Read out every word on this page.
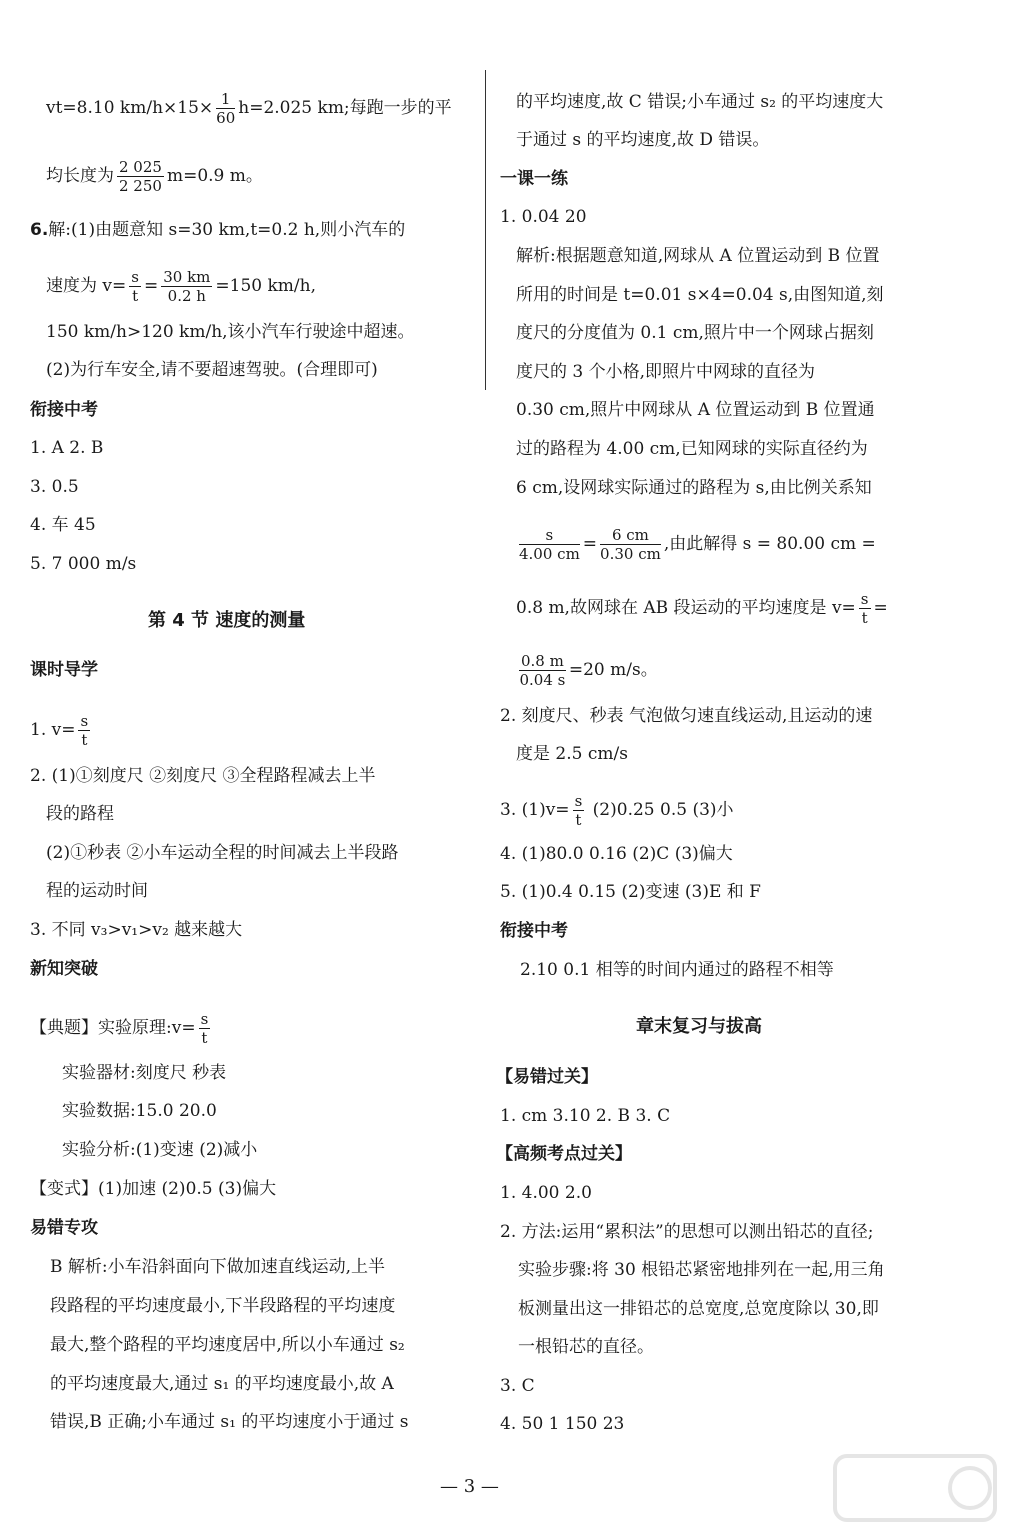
vt=8.10 $km/h\times 15\times \frac{1}{60} h=2.025$ km;每跑一步的平
均长度为 $\frac{2 025}{2 250} m=0.9$ m。
6.解:(1)由题意知 s=30 km,t=0.2 h,则小汽车的
速度为 $v= \frac{s}{t} = \frac{30 km}{0.2 h} =150$ km/h,
150 km/h>120 km/h,该小汽车行驶途中超速。
(2)为行车安全,请不要超速驾驶。(合理即可)
衔接中考
1. A 2. B
3. 0.5
4. 车 45
5. 7 000 m/s
第 4 节 速度的测量
课时导学
1. $v= \frac{s}{t}$
2. (1)①刻度尺 ②刻度尺 ③全程路程减去上半
段的路程
(2)①秒表 ②小车运动全程的时间减去上半段路
程的运动时间
3. 不同 v₃>v₁>v₂ 越来越大
新知突破
【典题】实验原理:v= $\frac{s}{t}$
实验器材:刻度尺 秒表
实验数据:15.0 20.0
实验分析:(1)变速 (2)减小
【变式】(1)加速 (2)0.5 (3)偏大
易错专攻
B 解析:小车沿斜面向下做加速直线运动,上半
段路程的平均速度最小,下半段路程的平均速度
最大,整个路程的平均速度居中,所以小车通过 s₂
的平均速度最大,通过 s₁ 的平均速度最小,故 A
错误,B 正确;小车通过 s₁ 的平均速度小于通过 s
的平均速度,故 C 错误;小车通过 s₂ 的平均速度大
于通过 s 的平均速度,故 D 错误。
一课一练
1. 0.04 20
解析:根据题意知道,网球从 A 位置运动到 B 位置
所用的时间是 t=0.01 s×4=0.04 s,由图知道,刻
度尺的分度值为 0.1 cm,照片中一个网球占据刻
度尺的 3 个小格,即照片中网球的直径为
0.30 cm,照片中网球从 A 位置运动到 B 位置通
过的路程为 4.00 cm,已知网球的实际直径约为
6 cm,设网球实际通过的路程为 s,由比例关系知
$\frac{s}{4.00 cm} = \frac{6 cm}{0.30 cm}$ ,由此解得 s = 80.00 cm =
0.8 m,故网球在 AB 段运动的平均速度是 $v= \frac{s}{t}$ =
$\frac{0.8 m}{0.04 s} =20$ m/s。
2. 刻度尺、秒表 气泡做匀速直线运动,且运动的速
度是 2.5 cm/s
3. $(1)v= \frac{s}{t} (2)0.25$ 0.5 (3)小
4. (1)80.0 0.16 (2)C (3)偏大
5. (1)0.4 0.15 (2)变速 (3)E 和 F
衔接中考
2.10 0.1 相等的时间内通过的路程不相等
章末复习与拔高
【易错过关】
1. cm 3.10 2. B 3. C
【高频考点过关】
1. 4.00 2.0
2. 方法:运用“累积法”的思想可以测出铅芯的直径;
实验步骤:将 30 根铅芯紧密地排列在一起,用三角
板测量出这一排铅芯的总宽度,总宽度除以 30,即
一根铅芯的直径。
3. C
4. 50 1 150 23
— 3 —
